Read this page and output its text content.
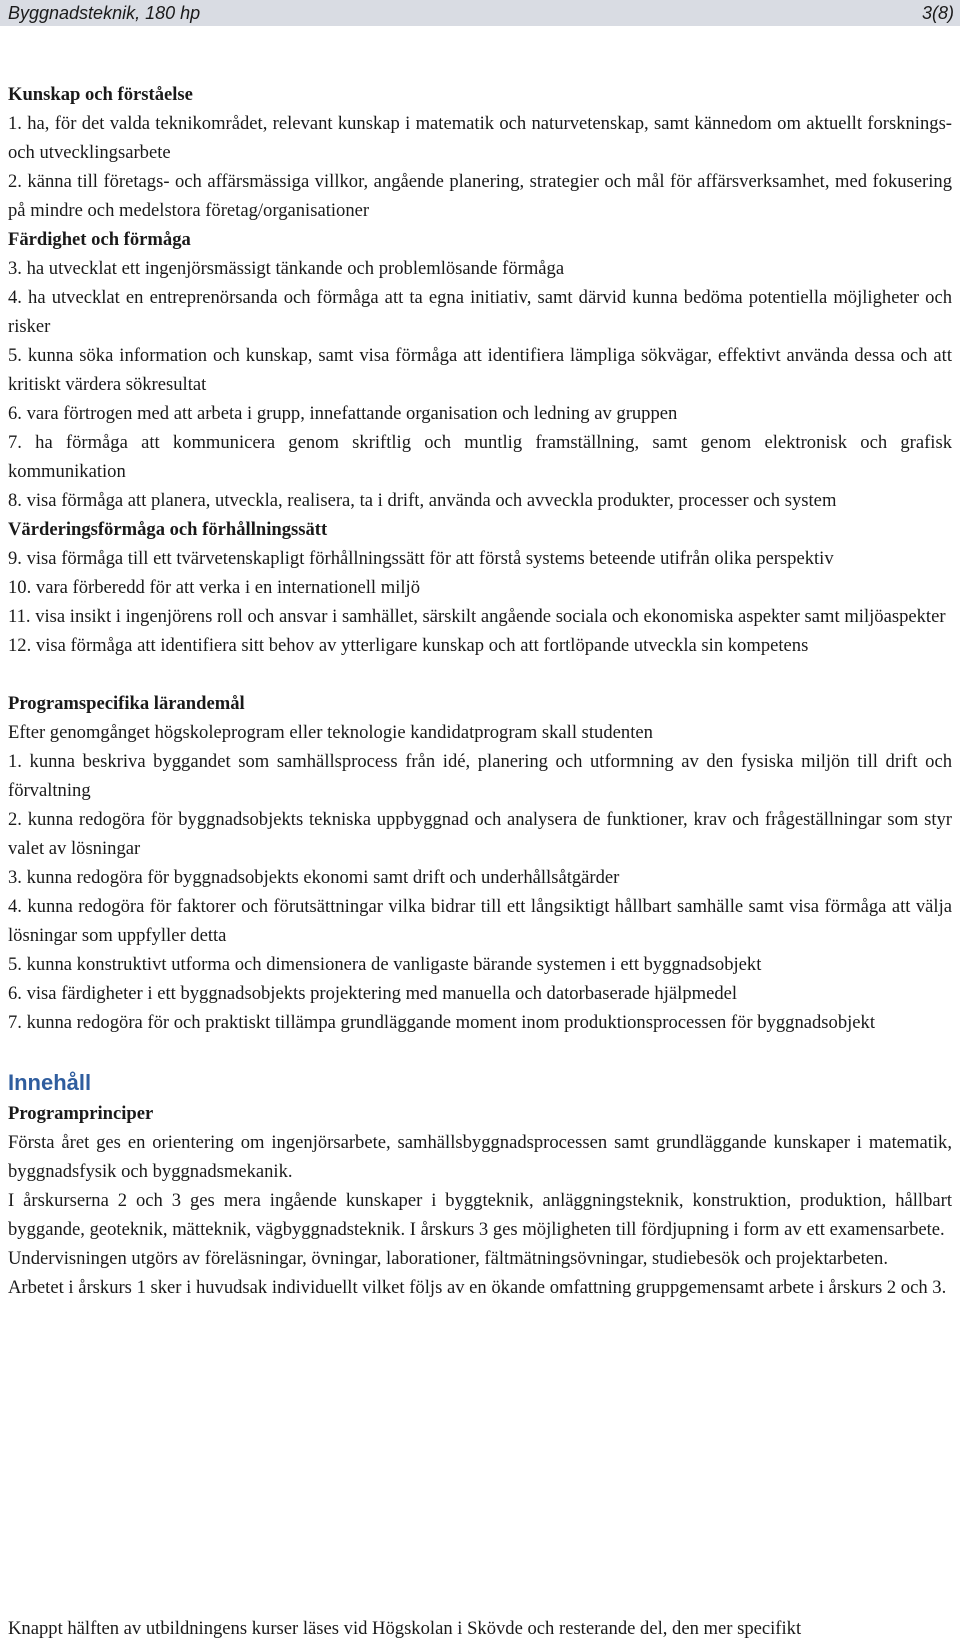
Byggnadsteknik, 180 hp	3(8)
Kunskap och förståelse

1. ha, för det valda teknikområdet, relevant kunskap i matematik och naturvetenskap, samt kännedom om aktuellt forsknings- och utvecklingsarbete

2. känna till företags- och affärsmässiga villkor, angående planering, strategier och mål för affärsverksamhet, med fokusering på mindre och medelstora företag/organisationer

Färdighet och förmåga

3. ha utvecklat ett ingenjörsmässigt tänkande och problemlösande förmåga

4. ha utvecklat en entreprenörsanda och förmåga att ta egna initiativ, samt därvid kunna bedöma potentiella möjligheter och risker

5. kunna söka information och kunskap, samt visa förmåga att identifiera lämpliga sökvägar, effektivt använda dessa och att kritiskt värdera sökresultat

6. vara förtrogen med att arbeta i grupp, innefattande organisation och ledning av gruppen

7. ha förmåga att kommunicera genom skriftlig och muntlig framställning, samt genom elektronisk och grafisk kommunikation

8. visa förmåga att planera, utveckla, realisera, ta i drift, använda och avveckla produkter, processer och system

Värderingsförmåga och förhållningssätt

9. visa förmåga till ett tvärvetenskapligt förhållningssätt för att förstå systems beteende utifrån olika perspektiv

10. vara förberedd för att verka i en internationell miljö

11. visa insikt i ingenjörens roll och ansvar i samhället, särskilt angående sociala och ekonomiska aspekter samt miljöaspekter

12. visa förmåga att identifiera sitt behov av ytterligare kunskap och att fortlöpande utveckla sin kompetens

Programspecifika lärandemål

Efter genomgånget högskoleprogram eller teknologie kandidatprogram skall studenten

1. kunna beskriva byggandet som samhällsprocess från idé, planering och utformning av den fysiska miljön till drift och förvaltning

2. kunna redogöra för byggnadsobjekts tekniska uppbyggnad och analysera de funktioner, krav och frågeställningar som styr valet av lösningar

3. kunna redogöra för byggnadsobjekts ekonomi samt drift och underhållsåtgärder

4. kunna redogöra för faktorer och förutsättningar vilka bidrar till ett långsiktigt hållbart samhälle samt visa förmåga att välja lösningar som uppfyller detta

5. kunna konstruktivt utforma och dimensionera de vanligaste bärande systemen i ett byggnadsobjekt

6. visa färdigheter i ett byggnadsobjekts projektering med manuella och datorbaserade hjälpmedel

7. kunna redogöra för och praktiskt tillämpa grundläggande moment inom produktionsprocessen för byggnadsobjekt

Innehåll
Programprinciper

Första året ges en orientering om ingenjörsarbete, samhällsbyggnadsprocessen samt grundläggande kunskaper i matematik, byggnadsfysik och byggnadsmekanik.

I årskurserna 2 och 3 ges mera ingående kunskaper i byggteknik, anläggningsteknik, konstruktion, produktion, hållbart byggande, geoteknik, mätteknik, vägbyggnadsteknik. I årskurs 3 ges möjligheten till fördjupning i form av ett examensarbete.

Undervisningen utgörs av föreläsningar, övningar, laborationer, fältmätningsövningar, studiebesök och projektarbeten.

Arbetet i årskurs 1 sker i huvudsak individuellt vilket följs av en ökande omfattning gruppgemensamt arbete i årskurs 2 och 3.

Knappt hälften av utbildningens kurser läses vid Högskolan i Skövde och resterande del, den mer specifikt
